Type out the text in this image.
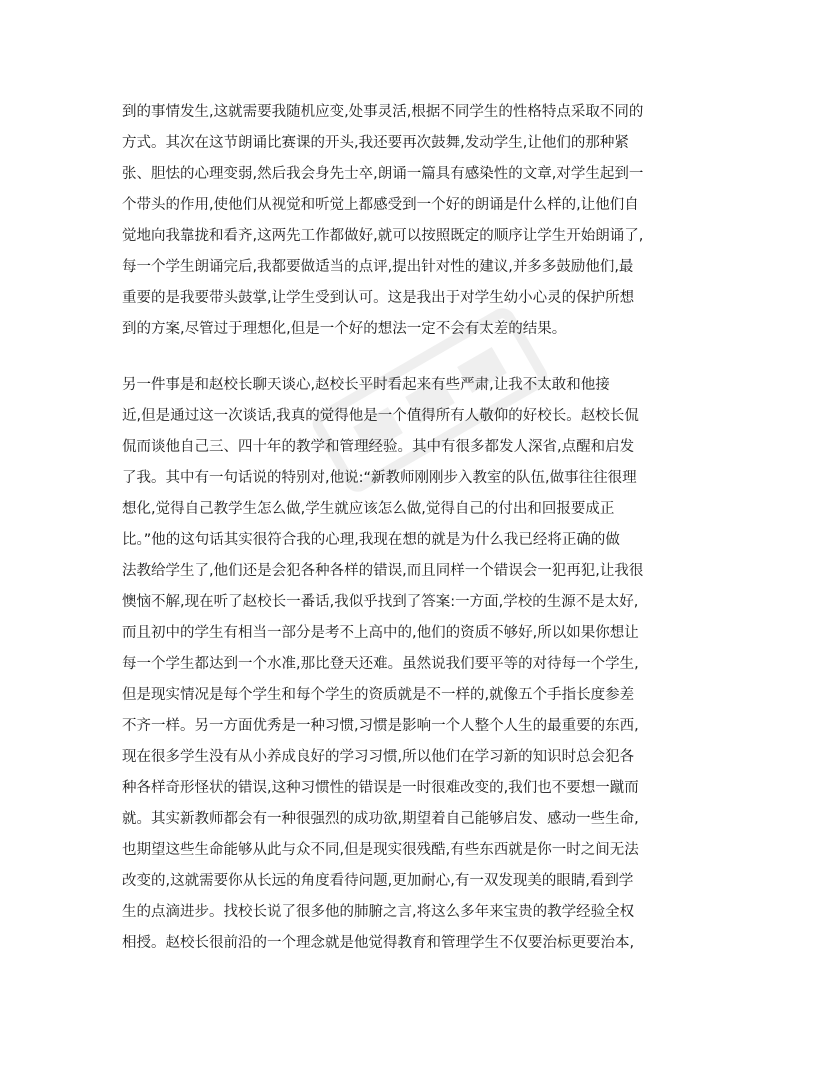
到的事情发生,这就需要我随机应变,处事灵活,根据不同学生的性格特点采取不同的
方式。其次在这节朗诵比赛课的开头,我还要再次鼓舞,发动学生,让他们的那种紧
张、胆怯的心理变弱,然后我会身先士卒,朗诵一篇具有感染性的文章,对学生起到一
个带头的作用,使他们从视觉和听觉上都感受到一个好的朗诵是什么样的,让他们自
觉地向我靠拢和看齐,这两先工作都做好,就可以按照既定的顺序让学生开始朗诵了,
每一个学生朗诵完后,我都要做适当的点评,提出针对性的建议,并多多鼓励他们,最
重要的是我要带头鼓掌,让学生受到认可。这是我出于对学生幼小心灵的保护所想
到的方案,尽管过于理想化,但是一个好的想法一定不会有太差的结果。
另一件事是和赵校长聊天谈心,赵校长平时看起来有些严肃,让我不太敢和他接
近,但是通过这一次谈话,我真的觉得他是一个值得所有人敬仰的好校长。赵校长侃
侃而谈他自己三、四十年的教学和管理经验。其中有很多都发人深省,点醒和启发
了我。其中有一句话说的特别对,他说:“新教师刚刚步入教室的队伍,做事往往很理
想化,觉得自己教学生怎么做,学生就应该怎么做,觉得自己的付出和回报要成正
比。”他的这句话其实很符合我的心理,我现在想的就是为什么我已经将正确的做
法教给学生了,他们还是会犯各种各样的错误,而且同样一个错误会一犯再犯,让我很
懊恼不解,现在听了赵校长一番话,我似乎找到了答案:一方面,学校的生源不是太好,
而且初中的学生有相当一部分是考不上高中的,他们的资质不够好,所以如果你想让
每一个学生都达到一个水准,那比登天还难。虽然说我们要平等的对待每一个学生,
但是现实情况是每个学生和每个学生的资质就是不一样的,就像五个手指长度参差
不齐一样。另一方面优秀是一种习惯,习惯是影响一个人整个人生的最重要的东西,
现在很多学生没有从小养成良好的学习习惯,所以他们在学习新的知识时总会犯各
种各样奇形怪状的错误,这种习惯性的错误是一时很难改变的,我们也不要想一蹴而
就。其实新教师都会有一种很强烈的成功欲,期望着自己能够启发、感动一些生命,
也期望这些生命能够从此与众不同,但是现实很残酷,有些东西就是你一时之间无法
改变的,这就需要你从长远的角度看待问题,更加耐心,有一双发现美的眼睛,看到学
生的点滴进步。找校长说了很多他的肺腑之言,将这么多年来宝贵的教学经验全权
相授。赵校长很前沿的一个理念就是他觉得教育和管理学生不仅要治标更要治本,
